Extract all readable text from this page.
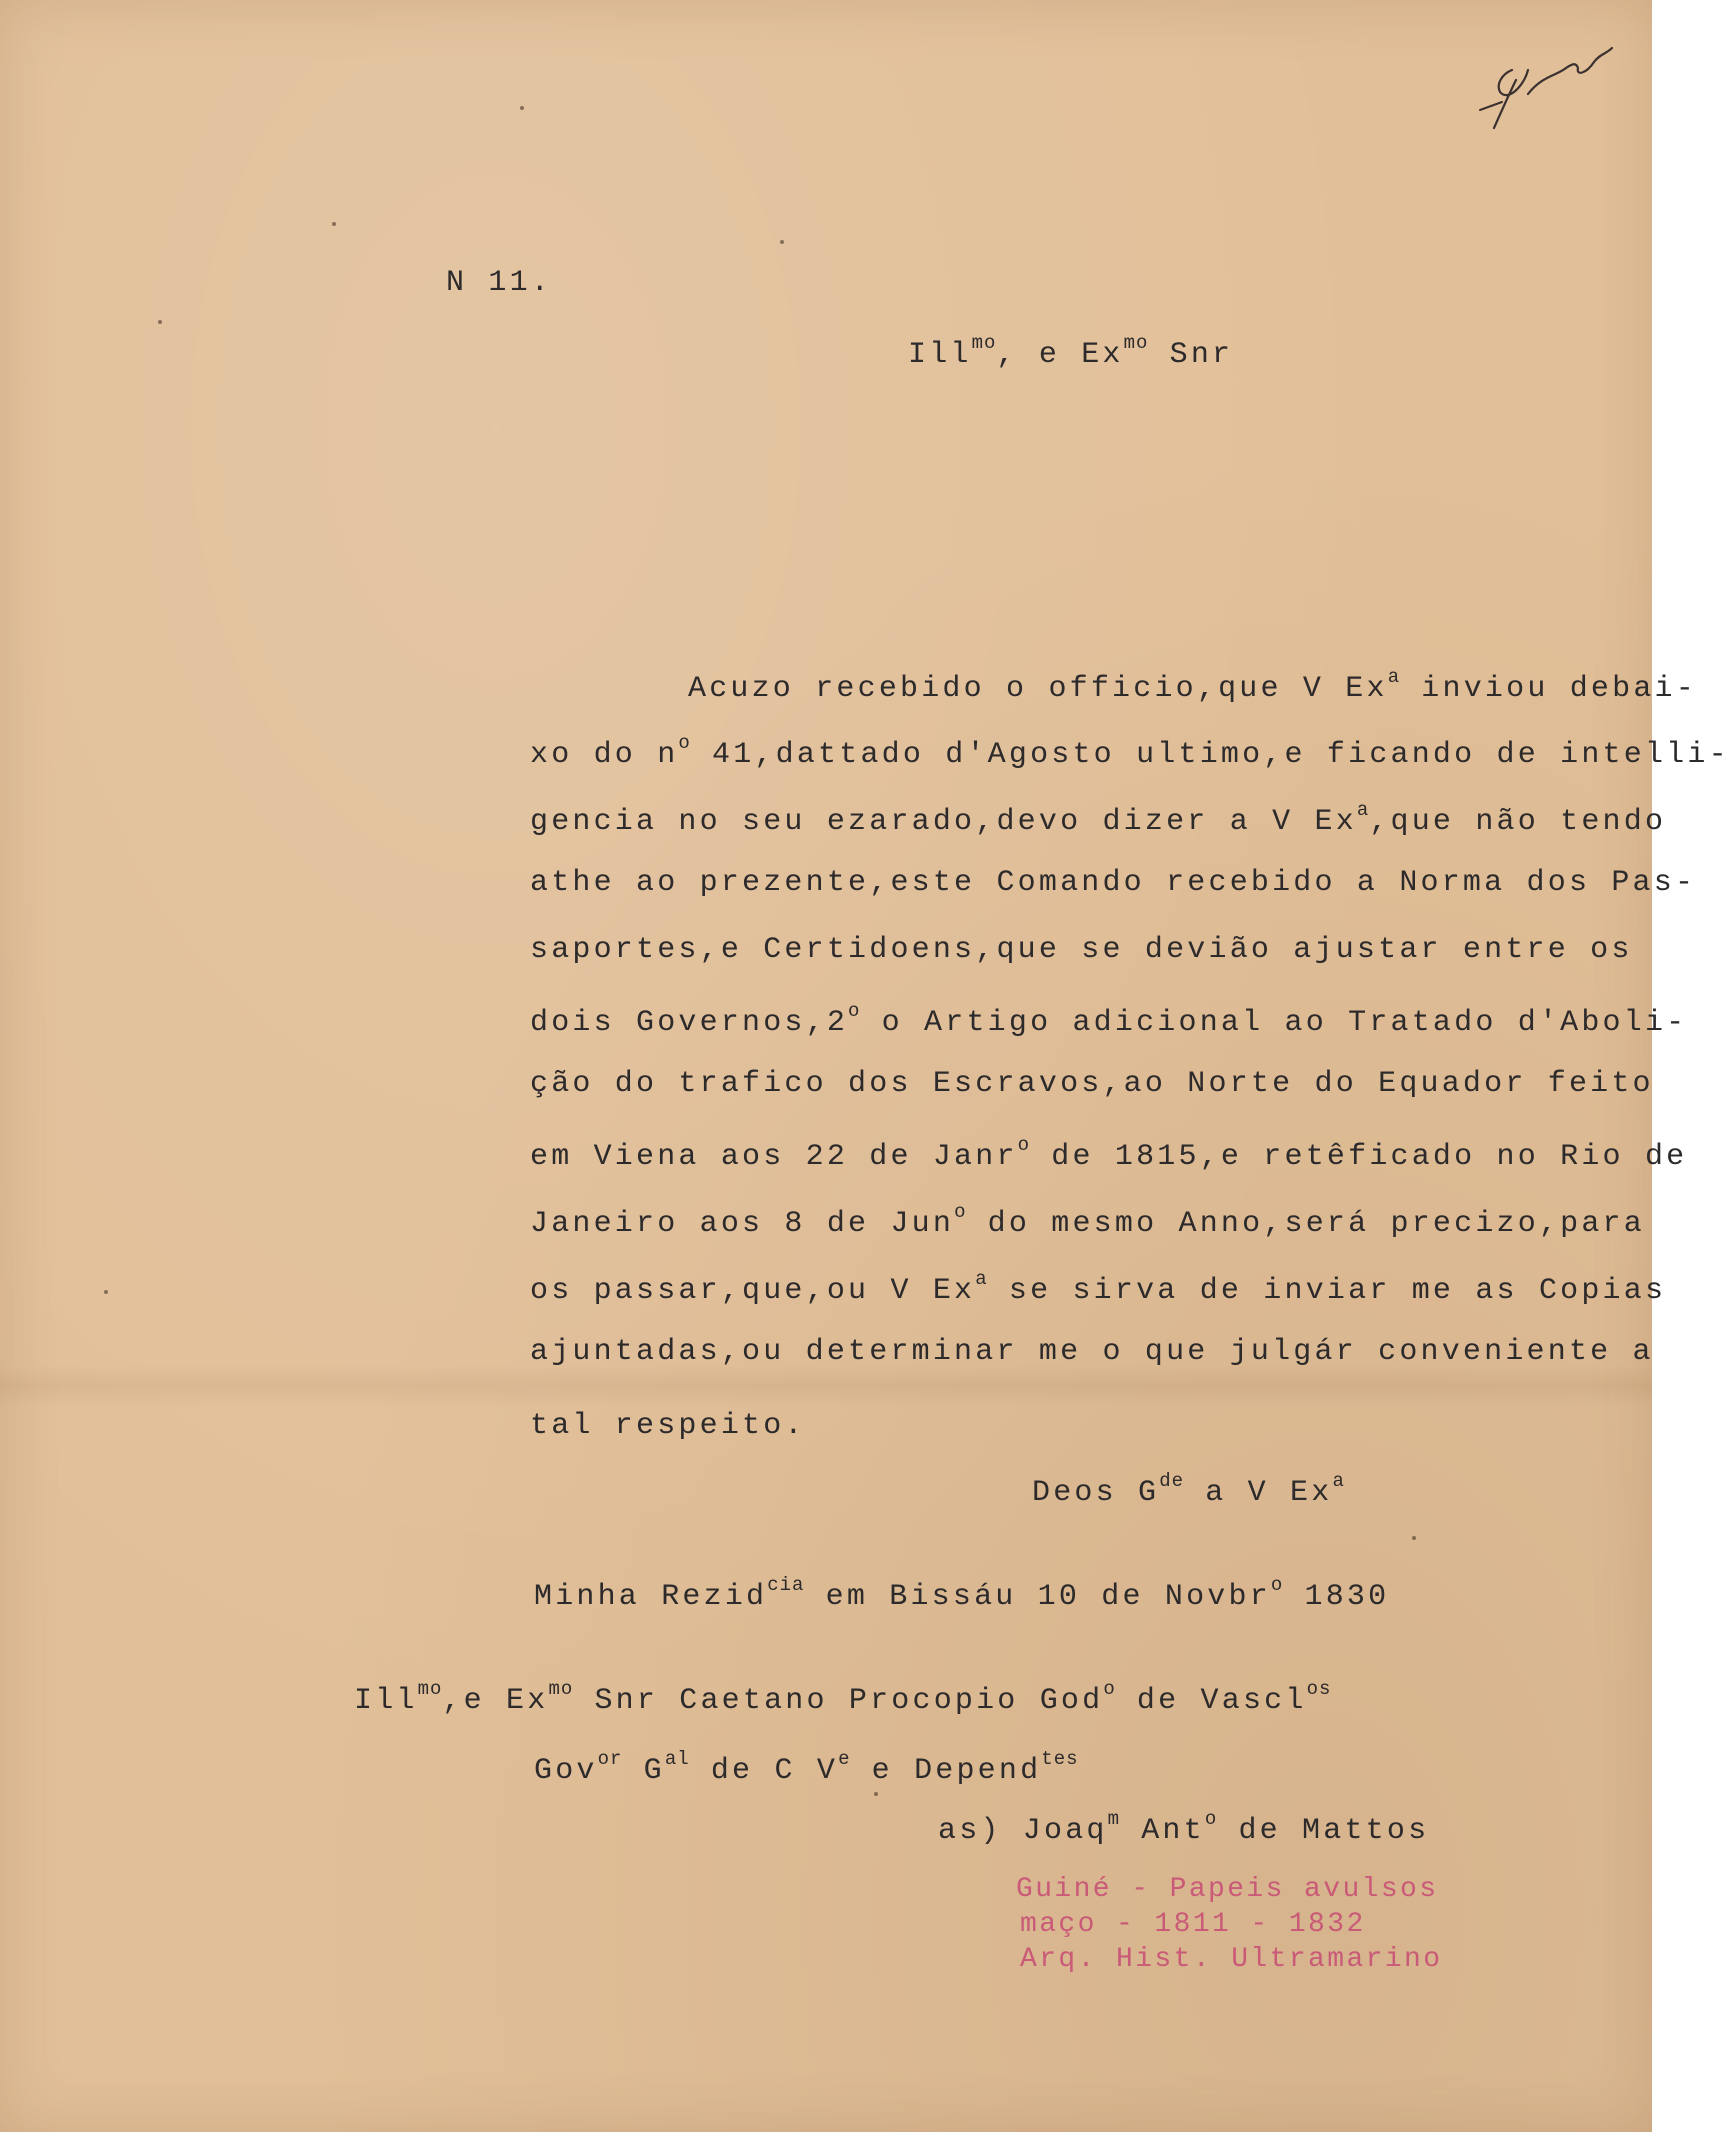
N 11.
Ill$^{mo}$, e $Ex^{mo}$ Snr
Acuzo recebido o officio,que V Ex$^a$ inviou debai-
xo do $n^o$ 41,dattado d'Agosto ultimo,e ficando de intelli-
gencia no seu ezarado,devo dizer a V Ex$^a$,que não tendo
athe ao prezente,este Comando recebido a Norma dos Pas-
saportes,e Certidoens,que se devião ajustar entre os
dois Governos,2$^o$ o Artigo adicional ao Tratado d'Aboli-
ção do trafico dos Escravos,ao Norte do Equador feito
em Viena aos 22 de Janr$^o$ de 1815,e retêficado no Rio de
Janeiro aos 8 de Jun$^o$ do mesmo Anno,será precizo,para
os passar,que,ou V Ex$^a$ se sirva de inviar me as Copias
ajuntadas,ou determinar me o que julgár conveniente a
tal respeito.
Deos $G^{de}$ a V Ex$^a$
Minha Rezid$^{cia}$ em Bissáu 10 de Novbr$^o$ 1830
Ill$^{mo}$,e $Ex^{mo}$ Snr Caetano Procopio God$^o$ de Vascl$^{os}$
Gov$^{or}$ $G^{al}$ de C Ve e Depend$^{tes}$
as) Joaq$^m$ Ant$^o$ de Mattos
Guiné - Papeis avulsos
maço - 1811 - 1832
Arq. Hist. Ultramarino
